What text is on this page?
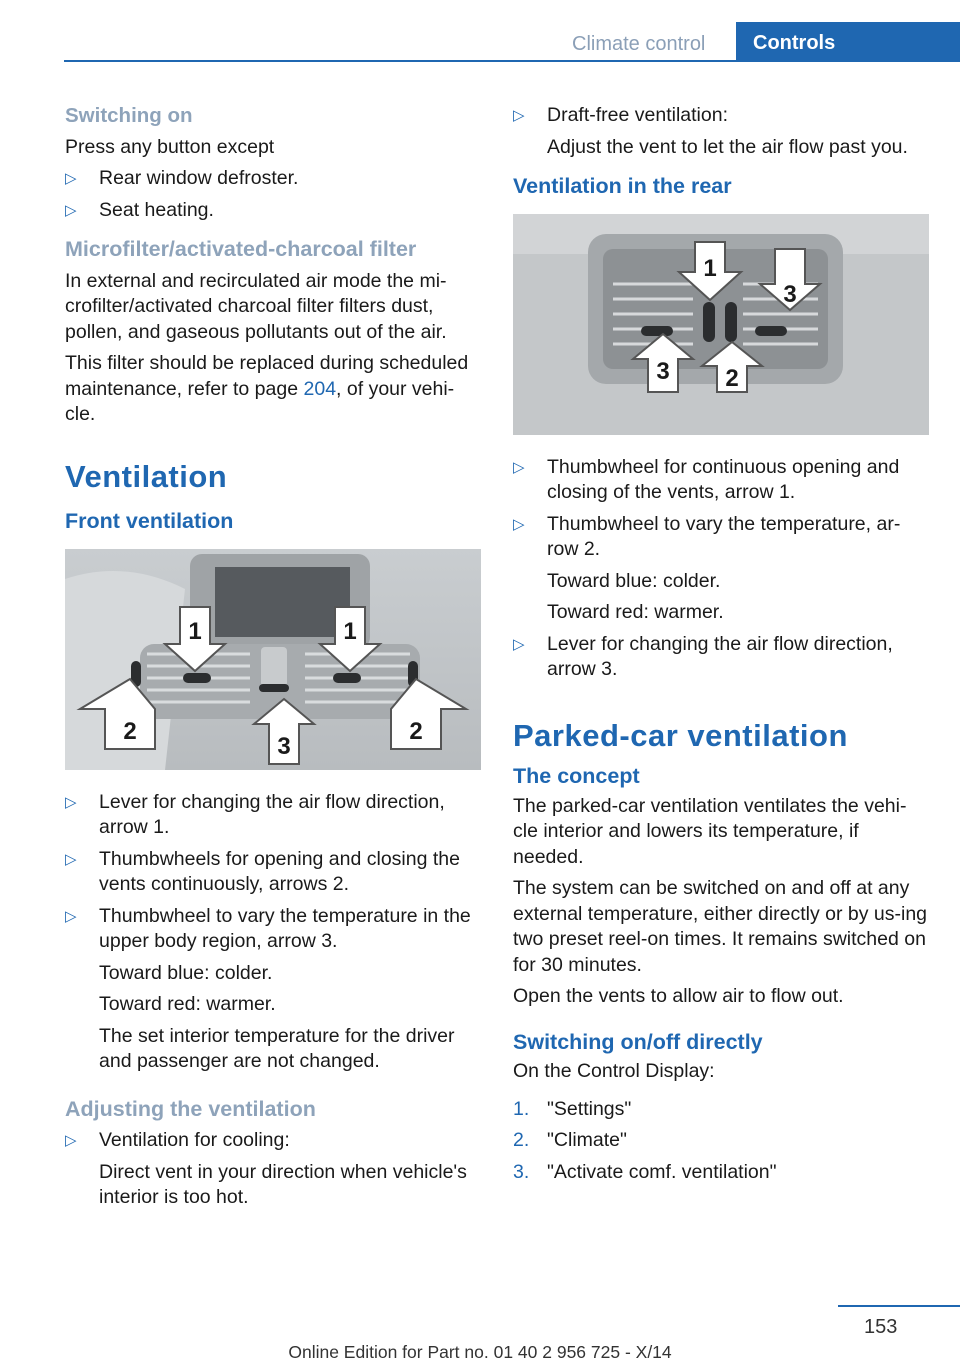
Climate control	Controls
Switching on

Press any button except

▷ Rear window defroster.
▷ Seat heating.
Microfilter/activated-charcoal filter

In external and recirculated air mode the mi-crofilter/activated charcoal filter filters dust, pollen, and gaseous pollutants out of the air.

This filter should be replaced during scheduled maintenance, refer to page 204, of your vehi-cle.

Ventilation
Front ventilation
1	1
2
3
2
▷ Lever for changing the air flow direction, arrow 1.
▷ Thumbwheels for opening and closing the vents continuously, arrows 2.
▷ Thumbwheel to vary the temperature in the upper body region, arrow 3.
Toward blue: colder.
Toward red: warmer.
The set interior temperature for the driver and passenger are not changed.
Adjusting the ventilation
▷ Ventilation for cooling:
Direct vent in your direction when vehicle's interior is too hot.
▷ Draft-free ventilation:
Adjust the vent to let the air flow past you.
Ventilation in the rear
1
3
3 2
▷ Thumbwheel for continuous opening and closing of the vents, arrow 1.
▷ Thumbwheel to vary the temperature, ar-row 2.
Toward blue: colder.
Toward red: warmer.
▷ Lever for changing the air flow direction, arrow 3.
Parked-car ventilation
The concept

The parked-car ventilation ventilates the vehi-cle interior and lowers its temperature, if needed.

The system can be switched on and off at any external temperature, either directly or by us-ing two preset reel-on times. It remains switched on for 30 minutes.

Open the vents to allow air to flow out.

Switching on/off directly

On the Control Display:

1. "Settings"
2. "Climate"
3. "Activate comf. ventilation"
153
Online Edition for Part no. 01 40 2 956 725 - X/14
